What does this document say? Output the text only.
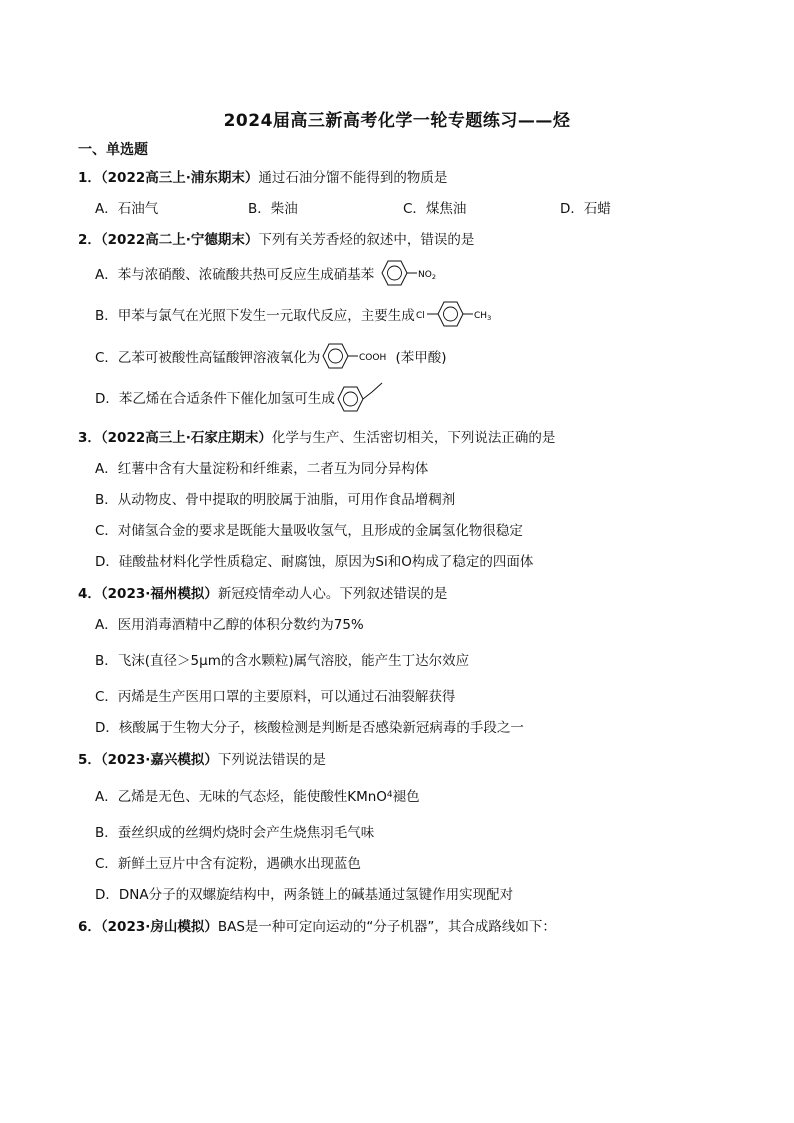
2024届高三新高考化学一轮专题练习——烃
一、单选题
1．（2022高三上·浦东期末）通过石油分馏不能得到的物质是
A．石油气	B．柴油	C．煤焦油	D．石蜡
2．（2022高二上·宁德期末）下列有关芳香烃的叙述中，错误的是
A．苯与浓硝酸、浓硫酸共热可反应生成硝基苯	$NO_2$
B．甲苯与氯气在光照下发生一元取代反应，主要生成 Cl	$CH_3$
C．乙苯可被酸性高锰酸钾溶液氧化为	COOH (苯甲酸)
D．苯乙烯在合适条件下催化加氢可生成
3．（2022高三上·石家庄期末）化学与生产、生活密切相关，下列说法正确的是
A．红薯中含有大量淀粉和纤维素，二者互为同分异构体
B．从动物皮、骨中提取的明胶属于油脂，可用作食品增稠剂
C．对储氢合金的要求是既能大量吸收氢气，且形成的金属氢化物很稳定
D．硅酸盐材料化学性质稳定、耐腐蚀，原因为Si和O构成了稳定的四面体
4．（2023·福州模拟）新冠疫情牵动人心。下列叙述错误的是
A．医用消毒酒精中乙醇的体积分数约为75%
B．飞沫(直径＞5μm的含水颗粒)属气溶胶，能产生丁达尔效应
C．丙烯是生产医用口罩的主要原料，可以通过石油裂解获得
D．核酸属于生物大分子，核酸检测是判断是否感染新冠病毒的手段之一
5．（2023·嘉兴模拟）下列说法错误的是
A．乙烯是无色、无味的气态烃，能使酸性KMnO 4 褪色
B．蚕丝织成的丝绸灼烧时会产生烧焦羽毛气味
C．新鲜土豆片中含有淀粉，遇碘水出现蓝色
D．DNA分子的双螺旋结构中，两条链上的碱基通过氢键作用实现配对
6．（2023·房山模拟）BAS是一种可定向运动的“分子机器”，其合成路线如下：
